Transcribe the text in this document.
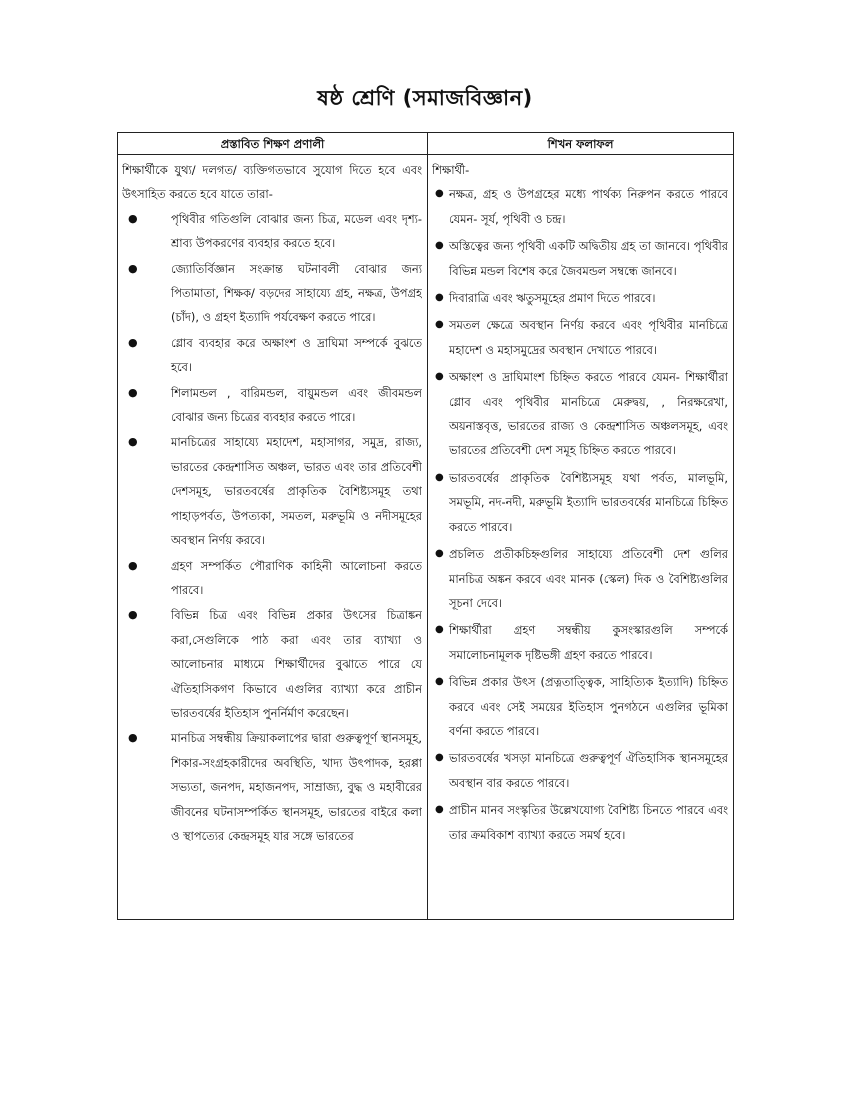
ষষ্ঠ শ্রেণি (সমাজবিজ্ঞান)
প্রস্তাবিত শিক্ষণ প্রণালী	শিখন ফলাফল

শিক্ষার্থীকে যুথ্য/ দলগত/ ব্যক্তিগতভাবে সুযোগ দিতে হবে এবং উৎসাহিত করতে হবে যাতে তারা-

●	পৃথিবীর গতিগুলি বোঝার জন্য চিত্র, মডেল এবং দৃশ্য-শ্রাব্য উপকরণের ব্যবহার করতে হবে।
●	জ্যোতির্বিজ্ঞান সংক্রান্ত ঘটনাবলী বোঝার জন্য পিতামাতা, শিক্ষক/ বড়দের সাহায্যে গ্রহ, নক্ষত্র, উপগ্রহ (চাঁদ), ও গ্রহণ ইত্যাদি পর্যবেক্ষণ করতে পারে।
●	গ্লোব ব্যবহার করে অক্ষাংশ ও দ্রাঘিমা সম্পর্কে বুঝতে হবে।
●	শিলামন্ডল , বারিমন্ডল, বায়ুমন্ডল এবং জীবমন্ডল বোঝার জন্য চিত্রের ব্যবহার করতে পারে।
●	মানচিত্রের সাহায্যে মহাদেশ, মহাসাগর, সমুদ্র, রাজ্য, ভারতের কেন্দ্রশাসিত অঞ্চল, ভারত এবং তার প্রতিবেশী দেশসমূহ, ভারতবর্ষের প্রাকৃতিক বৈশিষ্ট্যসমূহ তথা পাহাড়পর্বত, উপত্যকা, সমতল, মরুভূমি ও নদীসমূহের অবস্থান নির্ণয় করবে।
●	গ্রহণ সম্পর্কিত পৌরাণিক কাহিনী আলোচনা করতে পারবে।
●	বিভিন্ন চিত্র এবং বিভিন্ন প্রকার উৎসের চিত্রাঙ্কন করা,সেগুলিকে পাঠ করা এবং তার ব্যাখ্যা ও আলোচনার মাধ্যমে শিক্ষার্থীদের বুঝাতে পারে যে ঐতিহাসিকগণ কিভাবে এগুলির ব্যাখ্যা করে প্রাচীন ভারতবর্ষের ইতিহাস পুনর্নির্মাণ করেছেন।
●	মানচিত্র সম্বন্ধীয় ক্রিয়াকলাপের দ্বারা গুরুত্বপূর্ণ স্থানসমূহ, শিকার-সংগ্রহকারীদের অবস্থিতি, খাদ্য উৎপাদক, হরপ্পা সভ্যতা, জনপদ, মহাজনপদ, সাম্রাজ্য, বুদ্ধ ও মহাবীরের জীবনের ঘটনাসম্পর্কিত স্থানসমূহ, ভারতের বাইরে কলা ও স্থাপত্যের কেন্দ্রসমূহ যার সঙ্গে ভারতের

শিক্ষার্থী-

● নক্ষত্র, গ্রহ ও উপগ্রহের মধ্যে পার্থক্য নিরুপন করতে পারবে যেমন- সূর্য, পৃথিবী ও চন্দ্র।
● অস্তিত্বের জন্য পৃথিবী একটি অদ্বিতীয় গ্রহ তা জানবে। পৃথিবীর বিভিন্ন মন্ডল বিশেষ করে জৈবমন্ডল সম্বন্ধে জানবে।
● দিবারাত্রি এবং ঋতুসমূহের প্রমাণ দিতে পারবে।
● সমতল ক্ষেত্রে অবস্থান নির্ণয় করবে এবং পৃথিবীর মানচিত্রে মহাদেশ ও মহাসমুদ্রের অবস্থান দেখাতে পারবে।
● অক্ষাংশ ও দ্রাঘিমাংশ চিহ্নিত করতে পারবে যেমন- শিক্ষার্থীরা গ্লোব এবং পৃথিবীর মানচিত্রে মেরুদ্বয়, , নিরক্ষরেখা, অয়নাস্তবৃত্ত, ভারতের রাজ্য ও কেন্দ্রশাসিত অঞ্চলসমূহ, এবং ভারতের প্রতিবেশী দেশ সমূহ চিহ্নিত করতে পারবে।
● ভারতবর্ষের প্রাকৃতিক বৈশিষ্ট্যসমূহ যথা পর্বত, মালভূমি, সমভূমি, নদ-নদী, মরুভূমি ইত্যাদি ভারতবর্ষের মানচিত্রে চিহ্নিত করতে পারবে।
● প্রচলিত প্রতীকচিহ্নগুলির সাহায্যে প্রতিবেশী দেশ গুলির মানচিত্র অঙ্কন করবে এবং মানক (স্কেল) দিক ও বৈশিষ্ট্যগুলির সূচনা দেবে।
● শিক্ষার্থীরা গ্রহণ সম্বন্ধীয় কুসংস্কারগুলি সম্পর্কে সমালোচনামূলক দৃষ্টিভঙ্গী গ্রহণ করতে পারবে।
● বিভিন্ন প্রকার উৎস (প্রত্নতাত্ত্বিক, সাহিত্যিক ইত্যাদি) চিহ্নিত করবে এবং সেই সময়ের ইতিহাস পুনগঠনে এগুলির ভূমিকা বর্ণনা করতে পারবে।
● ভারতবর্ষের খসড়া মানচিত্রে গুরুত্বপূর্ণ ঐতিহাসিক স্থানসমূহের অবস্থান বার করতে পারবে।
● প্রাচীন মানব সংস্কৃতির উল্লেখযোগ্য বৈশিষ্ট্য চিনতে পারবে এবং তার ক্রমবিকাশ ব্যাখ্যা করতে সমর্থ হবে।
